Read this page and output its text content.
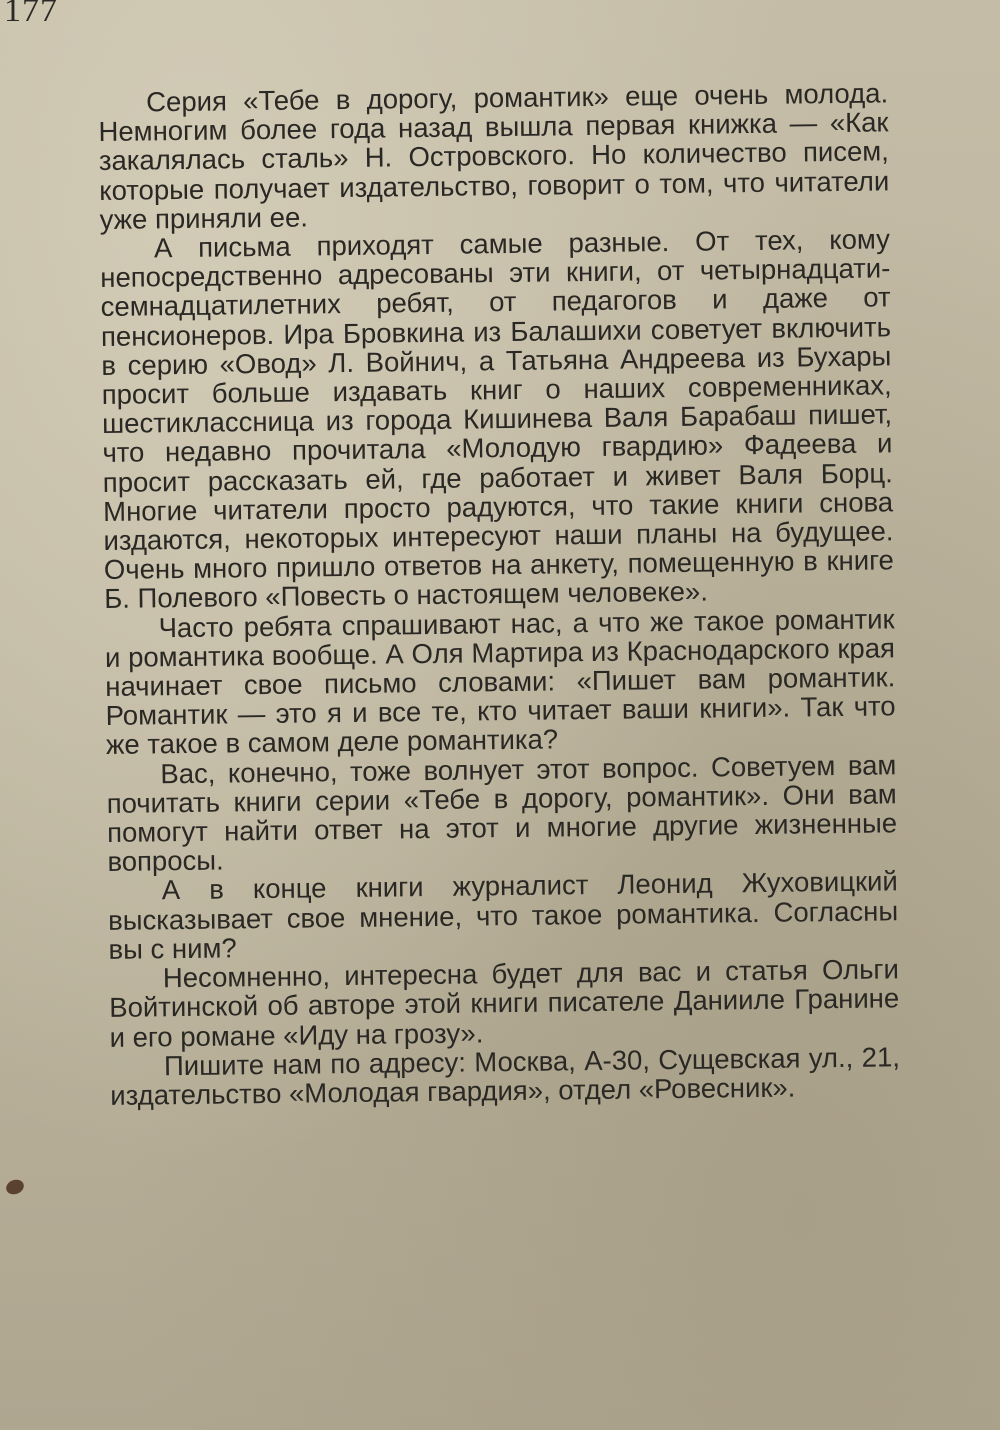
177

Серия «Тебе в дорогу, романтик» еще очень молода. Немногим более года назад вышла первая книжка — «Как закалялась сталь» Н. Островского. Но количество писем, которые получает издательство, говорит о том, что читатели уже приняли ее.

А письма приходят самые разные. От тех, кому непосредственно адресованы эти книги, от четырнадцати-семнадцатилетних ребят, от педагогов и даже от пенсионеров. Ира Бровкина из Балашихи советует включить в серию «Овод» Л. Войнич, а Татьяна Андреева из Бухары просит больше издавать книг о наших современниках, шестиклассница из города Кишинева Валя Барабаш пишет, что недавно прочитала «Молодую гвардию» Фадеева и просит рассказать ей, где работает и живет Валя Борц. Многие читатели просто радуются, что такие книги снова издаются, некоторых интересуют наши планы на будущее. Очень много пришло ответов на анкету, помещенную в книге Б. Полевого «Повесть о настоящем человеке».

Часто ребята спрашивают нас, а что же такое романтик и романтика вообще. А Оля Мартира из Краснодарского края начинает свое письмо словами: «Пишет вам романтик. Романтик — это я и все те, кто читает ваши книги». Так что же такое в самом деле романтика?

Вас, конечно, тоже волнует этот вопрос. Советуем вам почитать книги серии «Тебе в дорогу, романтик». Они вам помогут найти ответ на этот и многие другие жизненные вопросы.

А в конце книги журналист Леонид Жуховицкий высказывает свое мнение, что такое романтика. Согласны вы с ним?

Несомненно, интересна будет для вас и статья Ольги Войтинской об авторе этой книги писателе Данииле Гранине и его романе «Иду на грозу».

Пишите нам по адресу: Москва, А-30, Сущевская ул., 21, издательство «Молодая гвардия», отдел «Ровесник».
